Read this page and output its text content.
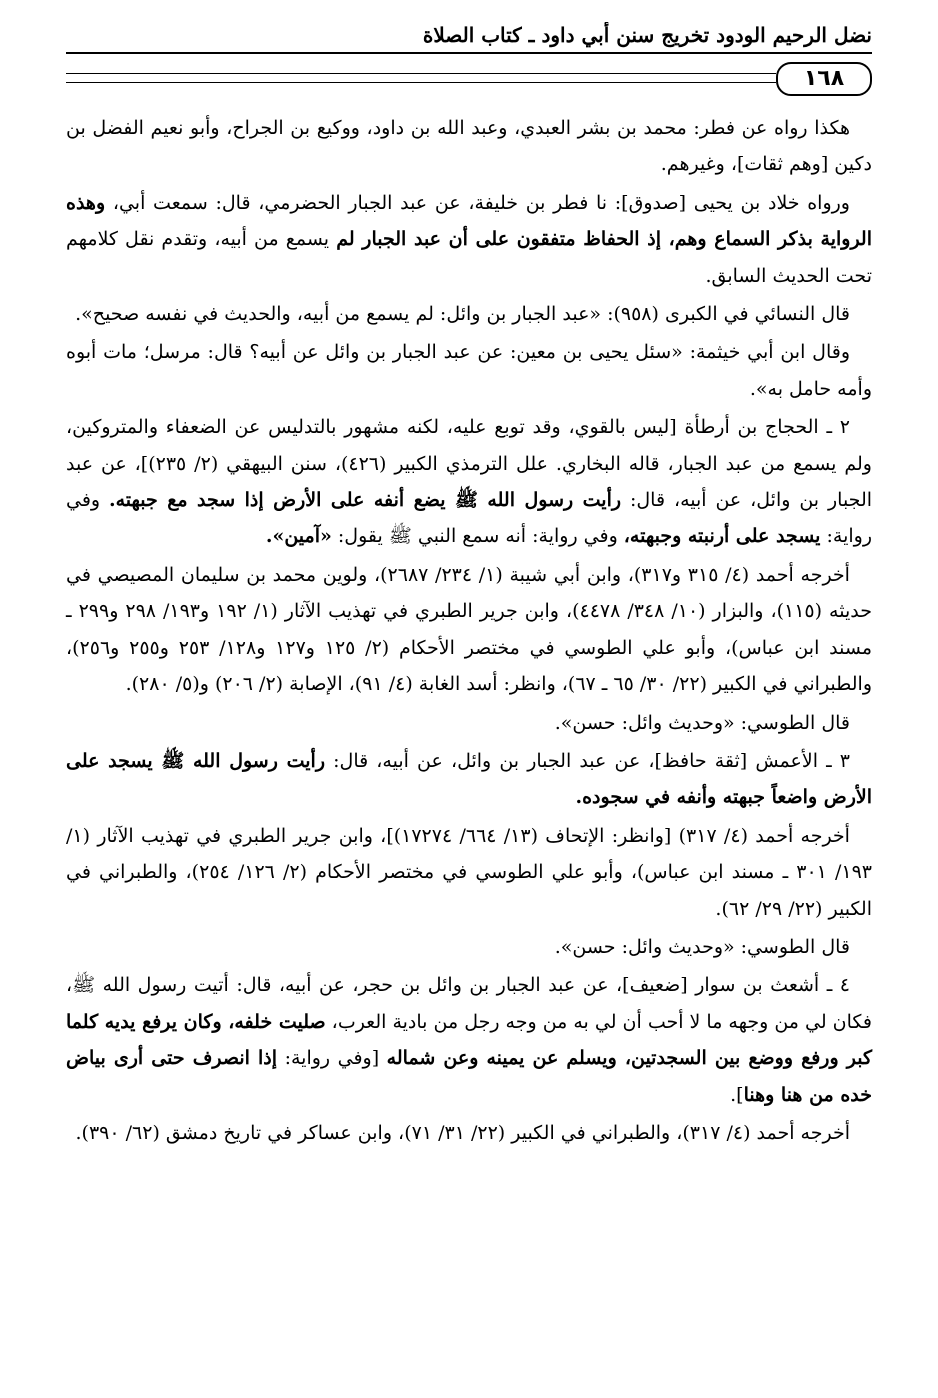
نضل الرحيم الودود تخريج سنن أبي داود ـ كتاب الصلاة
١٦٨

هكذا رواه عن فطر: محمد بن بشر العبدي، وعبد الله بن داود، ووكيع بن الجراح، وأبو نعيم الفضل بن دكين [وهم ثقات]، وغيرهم.

ورواه خلاد بن يحيى [صدوق]: نا فطر بن خليفة، عن عبد الجبار الحضرمي، قال: سمعت أبي، وهذه الرواية بذكر السماع وهم، إذ الحفاظ متفقون على أن عبد الجبار لم يسمع من أبيه، وتقدم نقل كلامهم تحت الحديث السابق.

قال النسائي في الكبرى (٩٥٨): «عبد الجبار بن وائل: لم يسمع من أبيه، والحديث في نفسه صحيح».

وقال ابن أبي خيثمة: «سئل يحيى بن معين: عن عبد الجبار بن وائل عن أبيه؟ قال: مرسل؛ مات أبوه وأمه حامل به».

٢ ـ الحجاج بن أرطأة [ليس بالقوي، وقد توبع عليه، لكنه مشهور بالتدليس عن الضعفاء والمتروكين، ولم يسمع من عبد الجبار، قاله البخاري. علل الترمذي الكبير (٤٢٦)، سنن البيهقي (٢/ ٢٣٥)]، عن عبد الجبار بن وائل، عن أبيه، قال: رأيت رسول الله ﷺ يضع أنفه على الأرض إذا سجد مع جبهته. وفي رواية: يسجد على أرنبته وجبهته، وفي رواية: أنه سمع النبي ﷺ يقول: «آمين».

أخرجه أحمد (٤/ ٣١٥ و٣١٧)، وابن أبي شيبة (١/ ٢٣٤/ ٢٦٨٧)، ولوين محمد بن سليمان المصيصي في حديثه (١١٥)، والبزار (١٠/ ٣٤٨/ ٤٤٧٨)، وابن جرير الطبري في تهذيب الآثار (١/ ١٩٢ و١٩٣/ ٢٩٨ و٢٩٩ ـ مسند ابن عباس)، وأبو علي الطوسي في مختصر الأحكام (٢/ ١٢٥ و١٢٧ و١٢٨/ ٢٥٣ و٢٥٥ و٢٥٦)، والطبراني في الكبير (٢٢/ ٣٠/ ٦٥ ـ ٦٧)، وانظر: أسد الغابة (٤/ ٩١)، الإصابة (٢/ ٢٠٦) و(٥/ ٢٨٠).

قال الطوسي: «وحديث وائل: حسن».

٣ ـ الأعمش [ثقة حافظ]، عن عبد الجبار بن وائل، عن أبيه، قال: رأيت رسول الله ﷺ يسجد على الأرض واضعاً جبهته وأنفه في سجوده.

أخرجه أحمد (٤/ ٣١٧) [وانظر: الإتحاف (١٣/ ٦٦٤/ ١٧٢٧٤)]، وابن جرير الطبري في تهذيب الآثار (١/ ١٩٣/ ٣٠١ ـ مسند ابن عباس)، وأبو علي الطوسي في مختصر الأحكام (٢/ ١٢٦/ ٢٥٤)، والطبراني في الكبير (٢٢/ ٢٩/ ٦٢).

قال الطوسي: «وحديث وائل: حسن».

٤ ـ أشعث بن سوار [ضعيف]، عن عبد الجبار بن وائل بن حجر، عن أبيه، قال: أتيت رسول الله ﷺ، فكان لي من وجهه ما لا أحب أن لي به من وجه رجل من بادية العرب، صليت خلفه، وكان يرفع يديه كلما كبر ورفع ووضع بين السجدتين، ويسلم عن يمينه وعن شماله [وفي رواية: إذا انصرف حتى أرى بياض خده من هنا وهنا].

أخرجه أحمد (٤/ ٣١٧)، والطبراني في الكبير (٢٢/ ٣١/ ٧١)، وابن عساكر في تاريخ دمشق (٦٢/ ٣٩٠).
